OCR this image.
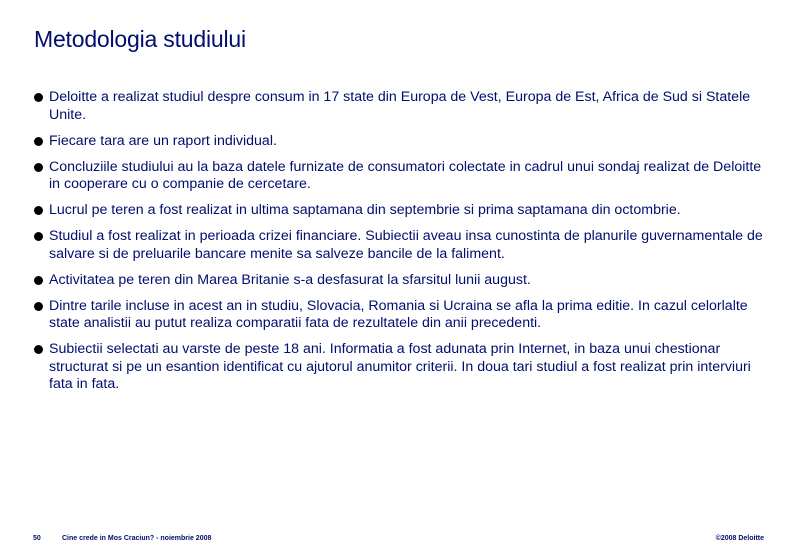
Metodologia studiului
Deloitte a realizat studiul despre consum in 17 state din Europa de Vest, Europa de Est, Africa de Sud si Statele Unite.
Fiecare tara are un raport individual.
Concluziile studiului au la baza datele furnizate de consumatori colectate in cadrul unui sondaj realizat de Deloitte in cooperare cu o companie de cercetare.
Lucrul pe teren a fost realizat in ultima saptamana din septembrie si prima saptamana din octombrie.
Studiul a fost realizat in perioada crizei financiare. Subiectii aveau insa cunostinta de planurile guvernamentale de salvare si de preluarile bancare menite sa salveze bancile de la faliment.
Activitatea pe teren din Marea Britanie s-a desfasurat la sfarsitul lunii august.
Dintre tarile incluse in acest an in studiu, Slovacia, Romania si Ucraina se afla la prima editie. In cazul celorlalte state analistii au putut realiza comparatii fata de rezultatele din anii precedenti.
Subiectii selectati au varste de peste 18 ani. Informatia a fost adunata prin Internet, in baza unui chestionar structurat si pe un esantion identificat cu ajutorul anumitor criterii. In doua tari studiul a fost realizat prin interviuri fata in fata.
50	Cine crede in Mos Craciun? - noiembrie 2008	©2008 Deloitte
